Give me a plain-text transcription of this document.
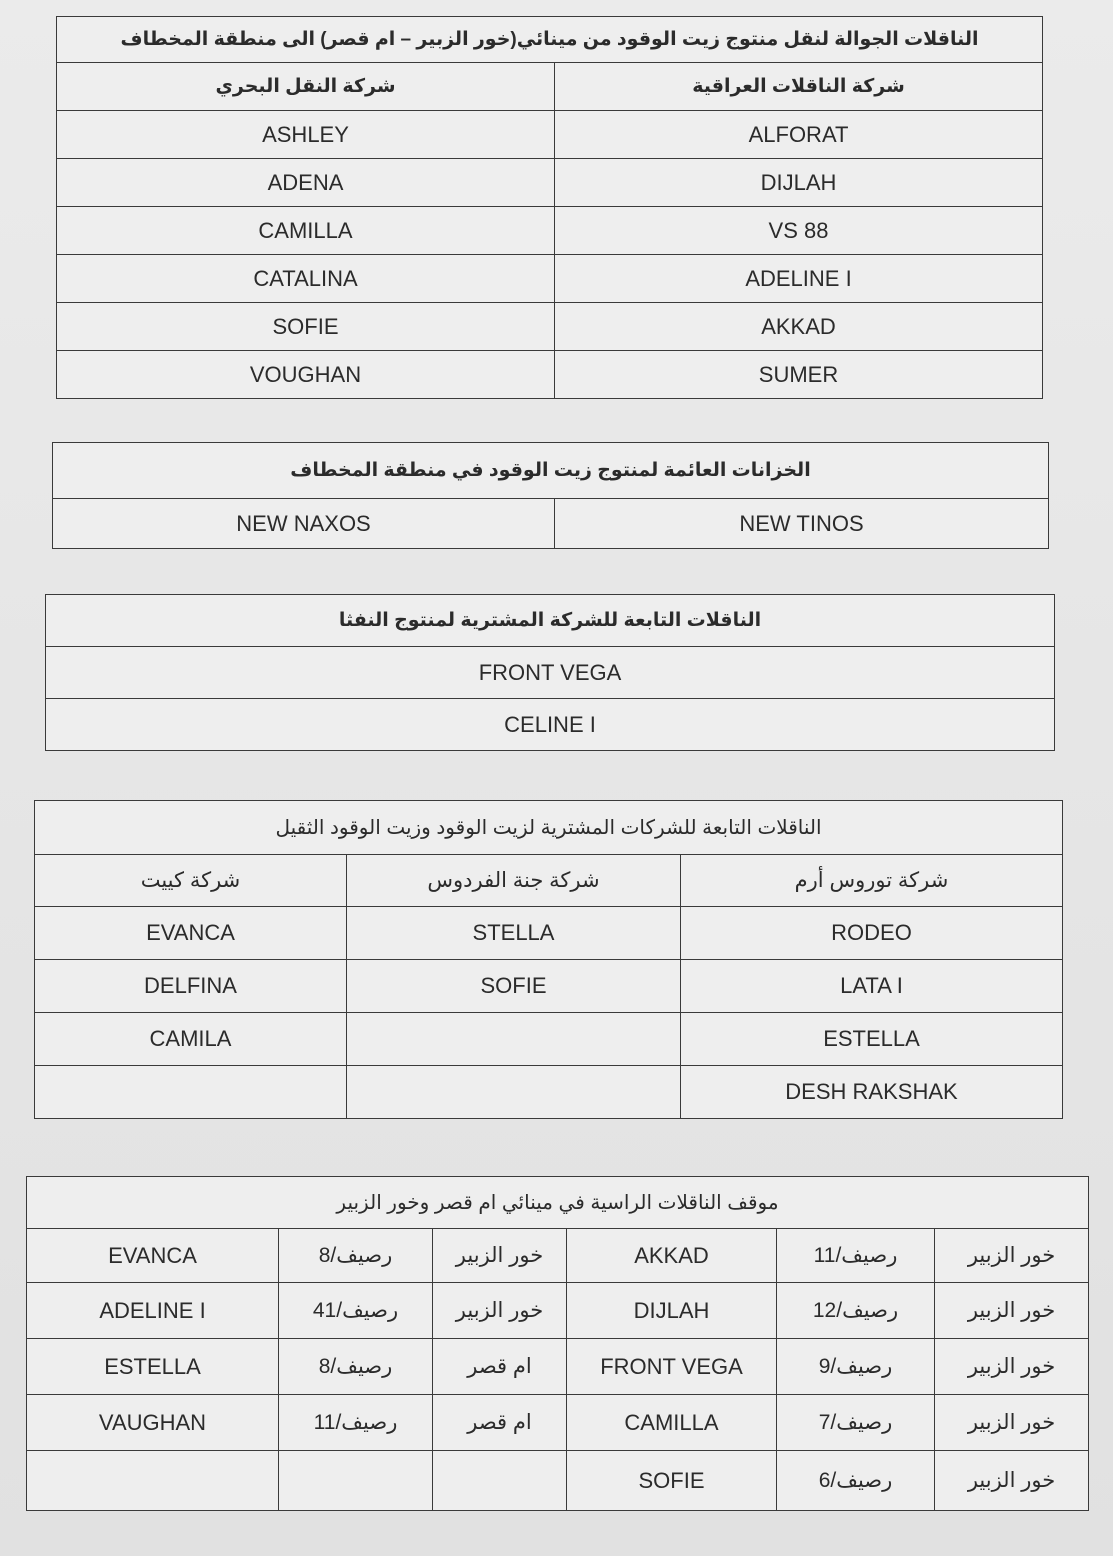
الناقلات الجوالة لنقل منتوج زيت الوقود من مينائي(خور الزبير – ام قصر) الى منطقة المخطاف	
شركة النقل البحري	شركة الناقلات العراقية
ASHLEY	ALFORAT
ADENA	DIJLAH
CAMILLA	VS 88
CATALINA	ADELINE I
SOFIE	AKKAD
VOUGHAN	SUMER
الخزانات العائمة لمنتوج زيت الوقود في منطقة المخطاف
NEW NAXOS	NEW TINOS
الناقلات التابعة للشركة المشترية لمنتوج النفثا
FRONT VEGA
CELINE I
الناقلات التابعة للشركات المشترية لزيت الوقود وزيت الوقود الثقيل		
شركة كييت	شركة جنة الفردوس	شركة توروس أرم
EVANCA	STELLA	RODEO
DELFINA	SOFIE	LATA I
CAMILA		ESTELLA
		DESH RAKSHAK
موقف الناقلات الراسية في مينائي ام قصر وخور الزبير					
EVANCA	رصيف/8	خور الزبير	AKKAD	رصيف/11	خور الزبير
ADELINE I	رصيف/41	خور الزبير	DIJLAH	رصيف/12	خور الزبير
ESTELLA	رصيف/8	ام قصر	FRONT VEGA	رصيف/9	خور الزبير
VAUGHAN	رصيف/11	ام قصر	CAMILLA	رصيف/7	خور الزبير
			SOFIE	رصيف/6	خور الزبير
